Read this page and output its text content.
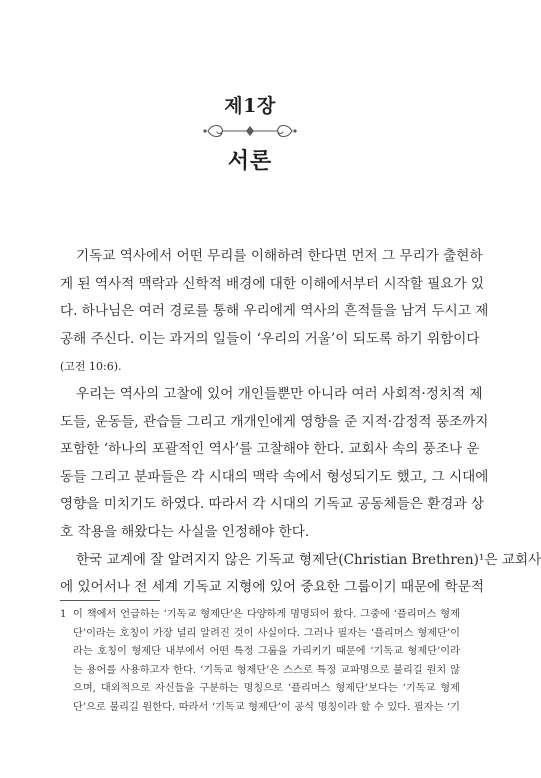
제1장
서론
기독교 역사에서 어떤 무리를 이해하려 한다면 먼저 그 무리가 출현하
게 된 역사적 맥락과 신학적 배경에 대한 이해에서부터 시작할 필요가 있
다. 하나님은 여러 경로를 통해 우리에게 역사의 흔적들을 남겨 두시고 제
공해 주신다. 이는 과거의 일들이 ‘우리의 거울’이 되도록 하기 위함이다
(고전 10:6).
우리는 역사의 고찰에 있어 개인들뿐만 아니라 여러 사회적·정치적 제
도들, 운동들, 관습들 그리고 개개인에게 영향을 준 지적·감정적 풍조까지
포함한 ‘하나의 포괄적인 역사’를 고찰해야 한다. 교회사 속의 풍조나 운
동들 그리고 분파들은 각 시대의 맥락 속에서 형성되기도 했고, 그 시대에
영향을 미치기도 하였다. 따라서 각 시대의 기독교 공동체들은 환경과 상
호 작용을 해왔다는 사실을 인정해야 한다.
한국 교계에 잘 알려지지 않은 기독교 형제단(Christian Brethren)¹은 교회사
에 있어서나 전 세계 기독교 지형에 있어 중요한 그룹이기 때문에 학문적
1 이 책에서 언급하는 ‘기독교 형제단’은 다양하게 명명되어 왔다. 그중에 ‘플리머스 형제
단’이라는 호칭이 가장 널리 알려진 것이 사실이다. 그러나 필자는 ‘플리머스 형제단’이
라는 호칭이 형제단 내부에서 어떤 특정 그룹을 가리키기 때문에 ‘기독교 형제단’이라
는 용어를 사용하고자 한다. ‘기독교 형제단’은 스스로 특정 교파명으로 불리길 원치 않
으며, 대외적으로 자신들을 구분하는 명칭으로 ‘플리머스 형제단’보다는 ‘기독교 형제
단’으로 불리길 원한다. 따라서 ‘기독교 형제단’이 공식 명칭이라 할 수 있다. 필자는 ‘기
